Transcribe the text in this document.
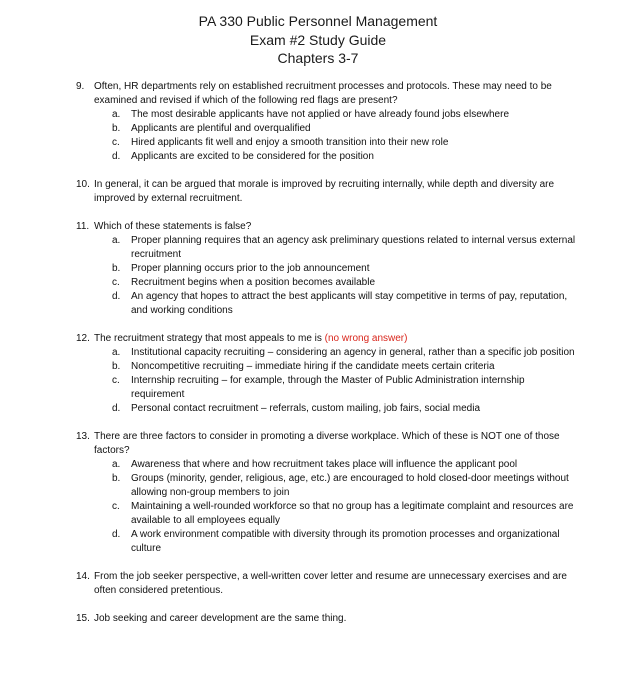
PA 330 Public Personnel Management
Exam #2 Study Guide
Chapters 3-7
9. Often, HR departments rely on established recruitment processes and protocols. These may need to be examined and revised if which of the following red flags are present?
a. The most desirable applicants have not applied or have already found jobs elsewhere
b. Applicants are plentiful and overqualified
c. Hired applicants fit well and enjoy a smooth transition into their new role
d. Applicants are excited to be considered for the position
10. In general, it can be argued that morale is improved by recruiting internally, while depth and diversity are improved by external recruitment.
11. Which of these statements is false?
a. Proper planning requires that an agency ask preliminary questions related to internal versus external recruitment
b. Proper planning occurs prior to the job announcement
c. Recruitment begins when a position becomes available
d. An agency that hopes to attract the best applicants will stay competitive in terms of pay, reputation, and working conditions
12. The recruitment strategy that most appeals to me is (no wrong answer)
a. Institutional capacity recruiting – considering an agency in general, rather than a specific job position
b. Noncompetitive recruiting – immediate hiring if the candidate meets certain criteria
c. Internship recruiting – for example, through the Master of Public Administration internship requirement
d. Personal contact recruitment – referrals, custom mailing, job fairs, social media
13. There are three factors to consider in promoting a diverse workplace. Which of these is NOT one of those factors?
a. Awareness that where and how recruitment takes place will influence the applicant pool
b. Groups (minority, gender, religious, age, etc.) are encouraged to hold closed-door meetings without allowing non-group members to join
c. Maintaining a well-rounded workforce so that no group has a legitimate complaint and resources are available to all employees equally
d. A work environment compatible with diversity through its promotion processes and organizational culture
14. From the job seeker perspective, a well-written cover letter and resume are unnecessary exercises and are often considered pretentious.
15. Job seeking and career development are the same thing.
